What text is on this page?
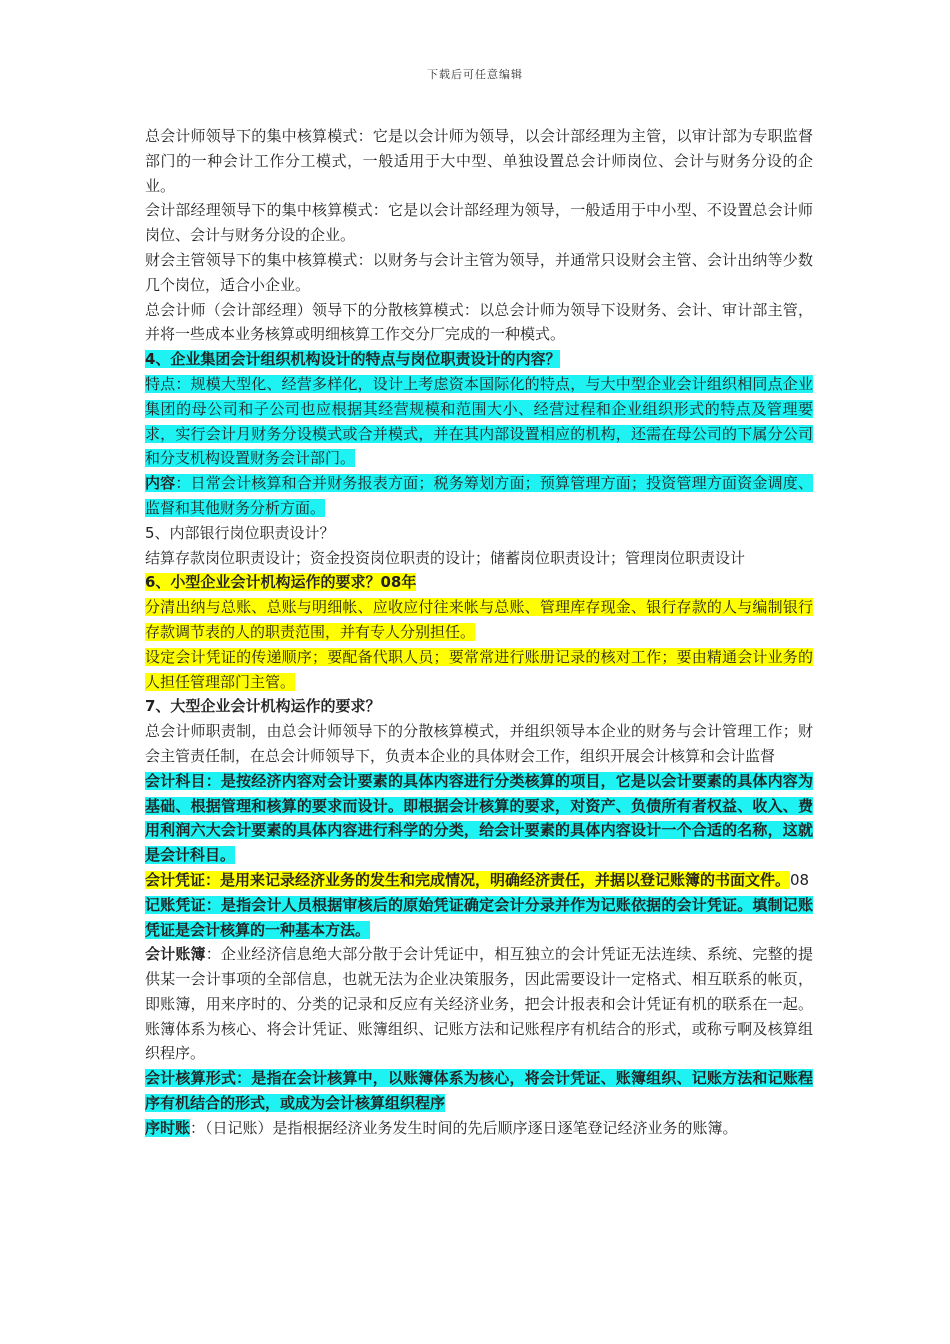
下载后可任意编辑

总会计师领导下的集中核算模式：它是以会计师为领导，以会计部经理为主管，以审计部为专职监督部门的一种会计工作分工模式，一般适用于大中型、单独设置总会计师岗位、会计与财务分设的企业。

会计部经理领导下的集中核算模式：它是以会计部经理为领导，一般适用于中小型、不设置总会计师岗位、会计与财务分设的企业。

财会主管领导下的集中核算模式：以财务与会计主管为领导，并通常只设财会主管、会计出纳等少数几个岗位，适合小企业。

总会计师（会计部经理）领导下的分散核算模式：以总会计师为领导下设财务、会计、审计部主管，并将一些成本业务核算或明细核算工作交分厂完成的一种模式。

4、企业集团会计组织机构设计的特点与岗位职责设计的内容？

特点：规模大型化、经营多样化，设计上考虑资本国际化的特点，与大中型企业会计组织相同点企业集团的母公司和子公司也应根据其经营规模和范围大小、经营过程和企业组织形式的特点及管理要求，实行会计月财务分设模式或合并模式，并在其内部设置相应的机构，还需在母公司的下属分公司和分支机构设置财务会计部门。

内容：日常会计核算和合并财务报表方面；税务筹划方面；预算管理方面；投资管理方面资金调度、监督和其他财务分析方面。

5、内部银行岗位职责设计？

结算存款岗位职责设计；资金投资岗位职责的设计；储蓄岗位职责设计；管理岗位职责设计

6、小型企业会计机构运作的要求？08年

分清出纳与总账、总账与明细帐、应收应付往来帐与总账、管理库存现金、银行存款的人与编制银行存款调节表的人的职责范围，并有专人分别担任。

设定会计凭证的传递顺序；要配备代职人员；要常常进行账册记录的核对工作；要由精通会计业务的人担任管理部门主管。

7、大型企业会计机构运作的要求？

总会计师职责制，由总会计师领导下的分散核算模式，并组织领导本企业的财务与会计管理工作；财会主管责任制，在总会计师领导下，负责本企业的具体财会工作，组织开展会计核算和会计监督

会计科目：是按经济内容对会计要素的具体内容进行分类核算的项目，它是以会计要素的具体内容为基础、根据管理和核算的要求而设计。即根据会计核算的要求，对资产、负债所有者权益、收入、费用利润六大会计要素的具体内容进行科学的分类，给会计要素的具体内容设计一个合适的名称，这就是会计科目。

会计凭证：是用来记录经济业务的发生和完成情况，明确经济责任，并据以登记账簿的书面文件。08

记账凭证：是指会计人员根据审核后的原始凭证确定会计分录并作为记账依据的会计凭证。填制记账凭证是会计核算的一种基本方法。

会计账簿：企业经济信息绝大部分散于会计凭证中，相互独立的会计凭证无法连续、系统、完整的提供某一会计事项的全部信息，也就无法为企业决策服务，因此需要设计一定格式、相互联系的帐页，即账簿，用来序时的、分类的记录和反应有关经济业务，把会计报表和会计凭证有机的联系在一起。账簿体系为核心、将会计凭证、账簿组织、记账方法和记账程序有机结合的形式，或称亏啊及核算组织程序。

会计核算形式：是指在会计核算中，以账簿体系为核心，将会计凭证、账簿组织、记账方法和记账程序有机结合的形式，或成为会计核算组织程序

序时账：（日记账）是指根据经济业务发生时间的先后顺序逐日逐笔登记经济业务的账簿。
